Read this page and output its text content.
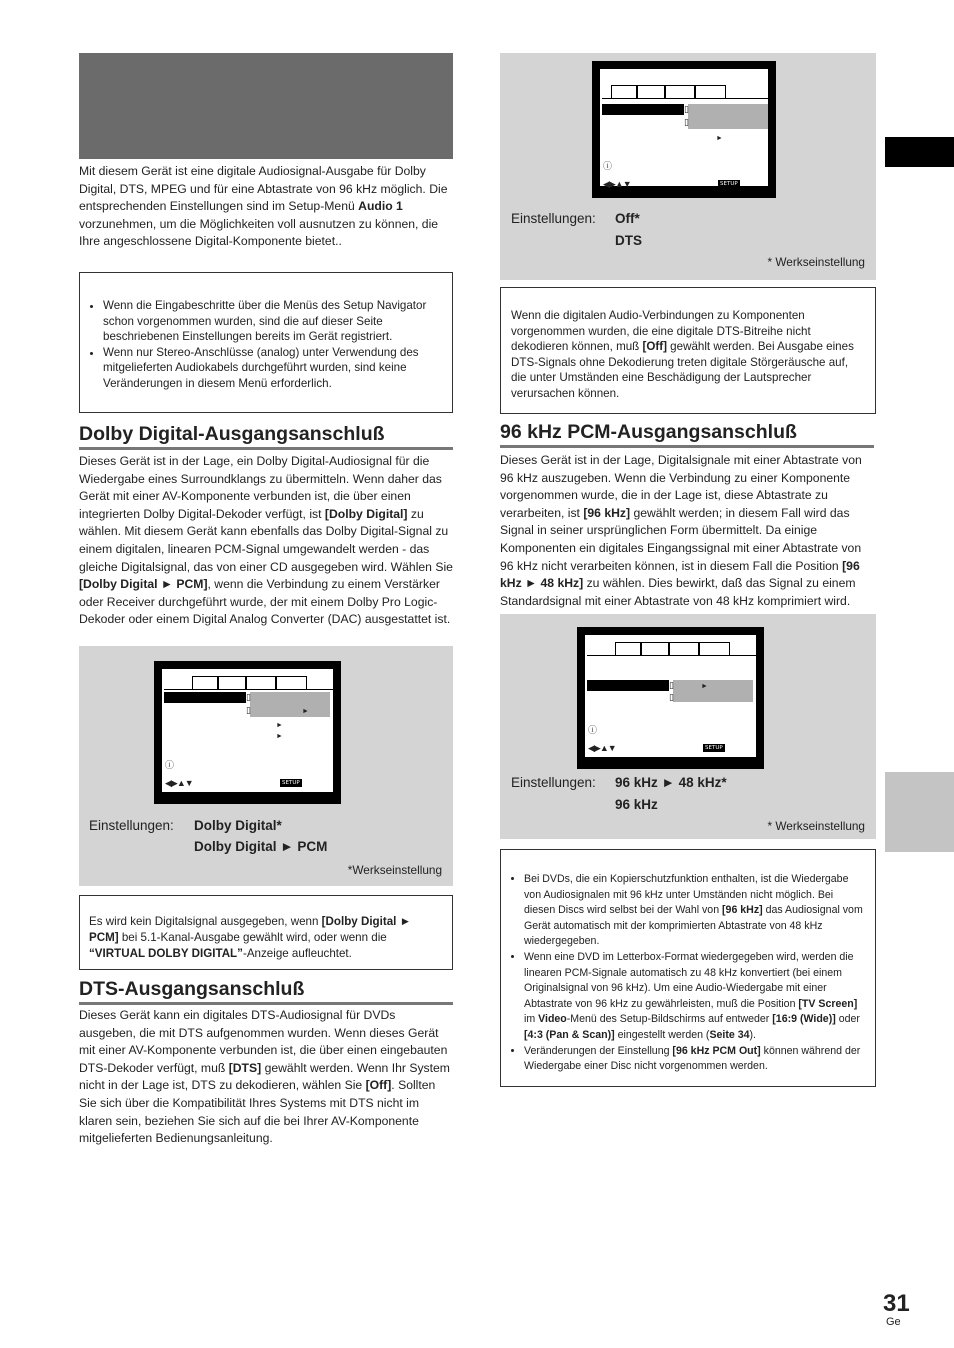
Mit diesem Gerät ist eine digitale Audiosignal-Ausgabe für Dolby Digital, DTS, MPEG und für eine Abtastrate von 96 kHz möglich. Die entsprechenden Einstellungen sind im Setup-Menü Audio 1 vorzunehmen, um die Möglichkeiten voll ausnutzen zu können, die Ihre angeschlossene Digital-Komponente bietet..
• Wenn die Eingabeschritte über die Menüs des Setup Navigator schon vorgenommen wurden, sind die auf dieser Seite beschriebenen Einstellungen bereits im Gerät registriert.
• Wenn nur Stereo-Anschlüsse (analog) unter Verwendung des mitgelieferten Audiokabels durchgeführt wurden, sind keine Veränderungen in diesem Menü erforderlich.
Dolby Digital-Ausgangsanschluß
Dieses Gerät ist in der Lage, ein Dolby Digital-Audiosignal für die Wiedergabe eines Surroundklangs zu übermitteln. Wenn daher das Gerät mit einer AV-Komponente verbunden ist, die über einen integrierten Dolby Digital-Dekoder verfügt, ist [Dolby Digital] zu wählen. Mit diesem Gerät kann ebenfalls das Dolby Digital-Signal zu einem digitalen, linearen PCM-Signal umgewandelt werden - das gleiche Digitalsignal, das von einer CD ausgegeben wird. Wählen Sie [Dolby Digital ► PCM], wenn die Verbindung zu einem Verstärker oder Receiver durchgeführt wurde, der mit einem Dolby Pro Logic-Dekoder oder einem Digital Analog Converter (DAC) ausgestattet ist.
▯
▯	►
►
►
ⓘ
◀▶▲▼	SETUP
Einstellungen: Dolby Digital*
Dolby Digital ► PCM
*Werkseinstellung
Es wird kein Digitalsignal ausgegeben, wenn [Dolby Digital ► PCM] bei 5.1-Kanal-Ausgabe gewählt wird, oder wenn die “VIRTUAL DOLBY DIGITAL”-Anzeige aufleuchtet.
DTS-Ausgangsanschluß
Dieses Gerät kann ein digitales DTS-Audiosignal für DVDs ausgeben, die mit DTS aufgenommen wurden. Wenn dieses Gerät mit einer AV-Komponente verbunden ist, die über einen eingebauten DTS-Dekoder verfügt, muß [DTS] gewählt werden. Wenn Ihr System nicht in der Lage ist, DTS zu dekodieren, wählen Sie [Off]. Sollten Sie sich über die Kompatibilität Ihres Systems mit DTS nicht im klaren sein, beziehen Sie sich auf die bei Ihrer AV-Komponente mitgelieferten Bedienungsanleitung.
▯
▯
►
ⓘ
◀▶▲▼	SETUP
Einstellungen: Off*
DTS
* Werkseinstellung
Wenn die digitalen Audio-Verbindungen zu Komponenten vorgenommen wurden, die eine digitale DTS-Bitreihe nicht dekodieren können, muß [Off] gewählt werden. Bei Ausgabe eines DTS-Signals ohne Dekodierung treten digitale Störgeräusche auf, die unter Umständen eine Beschädigung der Lautsprecher verursachen können.
96 kHz PCM-Ausgangsanschluß
Dieses Gerät ist in der Lage, Digitalsignale mit einer Abtastrate von 96 kHz auszugeben. Wenn die Verbindung zu einer Komponente vorgenommen wurde, die in der Lage ist, diese Abtastrate zu verarbeiten, ist [96 kHz] gewählt werden; in diesem Fall wird das Signal in seiner ursprünglichen Form übermittelt. Da einige Komponenten ein digitales Eingangssignal mit einer Abtastrate von 96 kHz nicht verarbeiten können, ist in diesem Fall die Position [96 kHz ► 48 kHz] zu wählen. Dies bewirkt, daß das Signal zu einem Standardsignal mit einer Abtastrate von 48 kHz komprimiert wird.
▯
▯
►
ⓘ
◀▶▲▼	SETUP
Einstellungen: 96 kHz ► 48 kHz*
96 kHz
* Werkseinstellung
• Bei DVDs, die ein Kopierschutzfunktion enthalten, ist die Wiedergabe von Audiosignalen mit 96 kHz unter Umständen nicht möglich. Bei diesen Discs wird selbst bei der Wahl von [96 kHz] das Audiosignal vom Gerät automatisch mit der komprimierten Abtastrate von 48 kHz wiedergegeben.
• Wenn eine DVD im Letterbox-Format wiedergegeben wird, werden die linearen PCM-Signale automatisch zu 48 kHz konvertiert (bei einem Originalsignal von 96 kHz). Um eine Audio-Wiedergabe mit einer Abtastrate von 96 kHz zu gewährleisten, muß die Position [TV Screen] im Video-Menü des Setup-Bildschirms auf entweder [16:9 (Wide)] oder [4:3 (Pan & Scan)] eingestellt werden (Seite 34).
• Veränderungen der Einstellung [96 kHz PCM Out] können während der Wiedergabe einer Disc nicht vorgenommen werden.
31
Ge
